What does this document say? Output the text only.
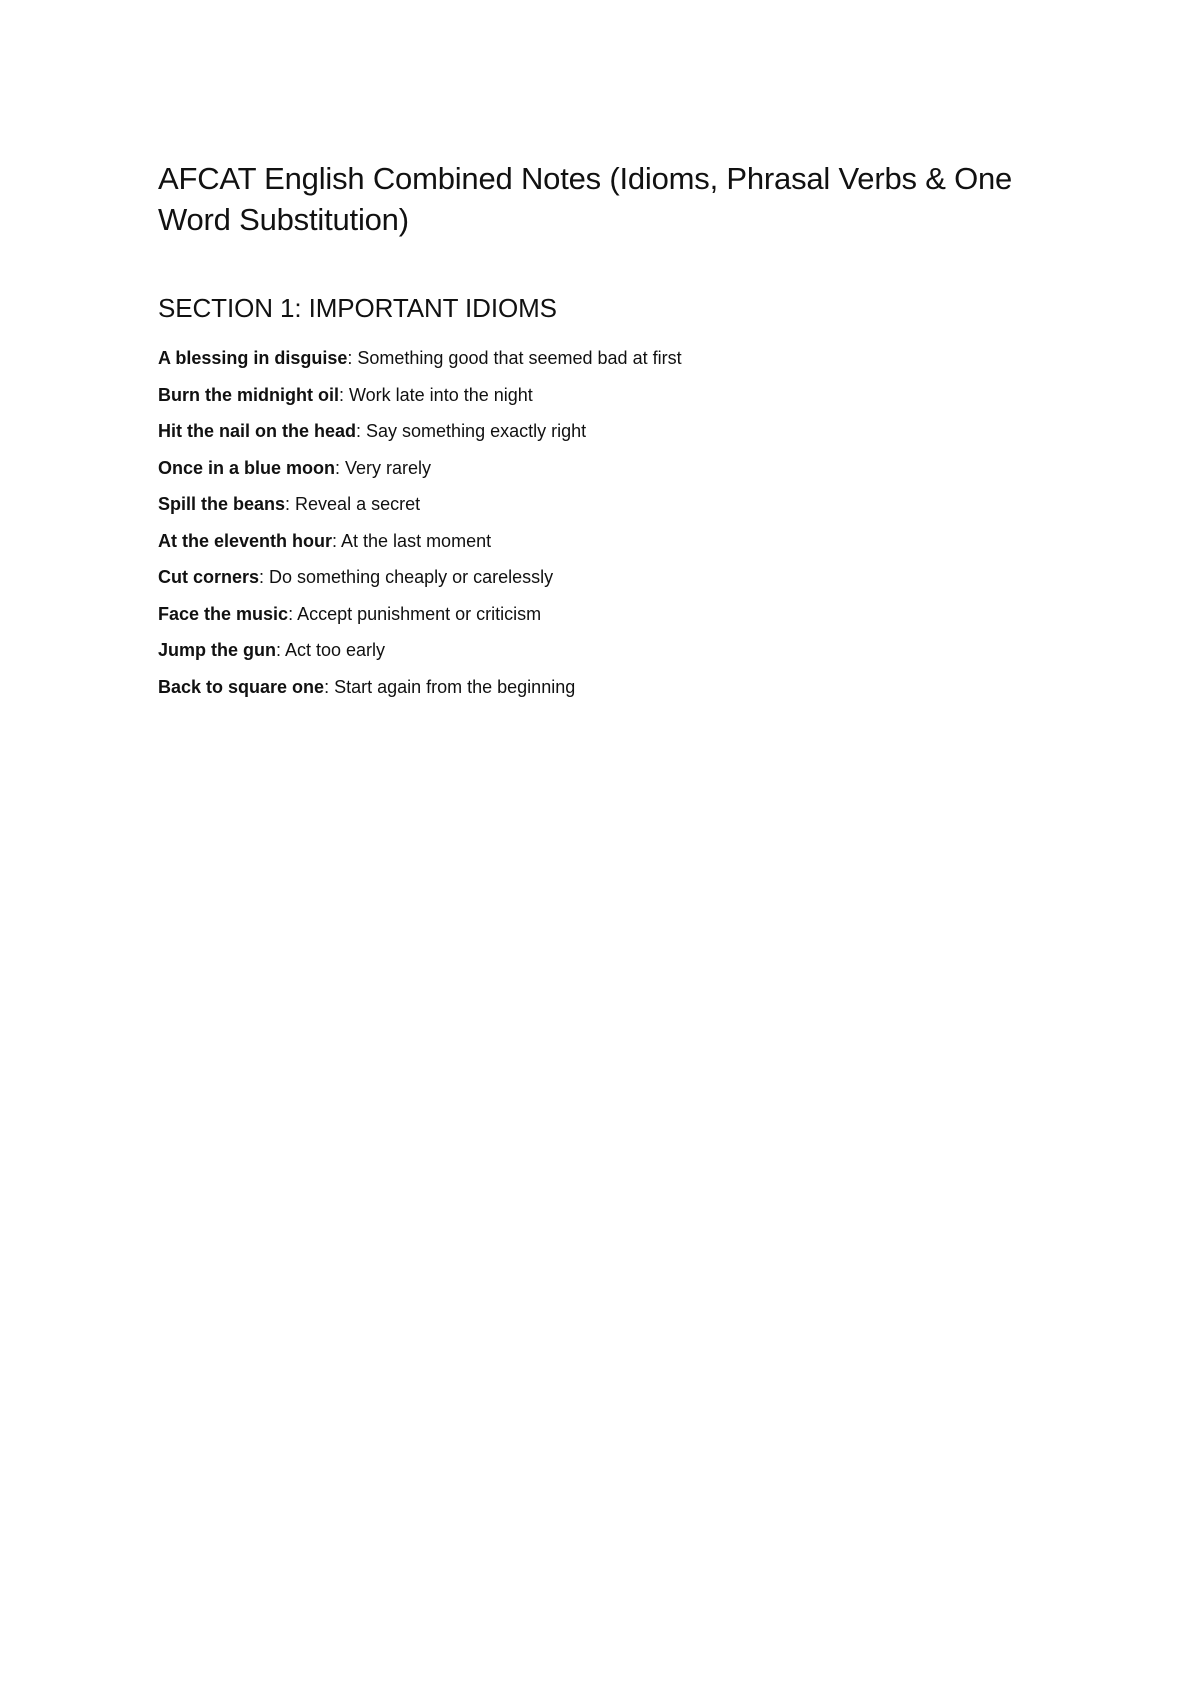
AFCAT English Combined Notes (Idioms, Phrasal Verbs & One Word Substitution)
SECTION 1: IMPORTANT IDIOMS
A blessing in disguise: Something good that seemed bad at first
Burn the midnight oil: Work late into the night
Hit the nail on the head: Say something exactly right
Once in a blue moon: Very rarely
Spill the beans: Reveal a secret
At the eleventh hour: At the last moment
Cut corners: Do something cheaply or carelessly
Face the music: Accept punishment or criticism
Jump the gun: Act too early
Back to square one: Start again from the beginning
